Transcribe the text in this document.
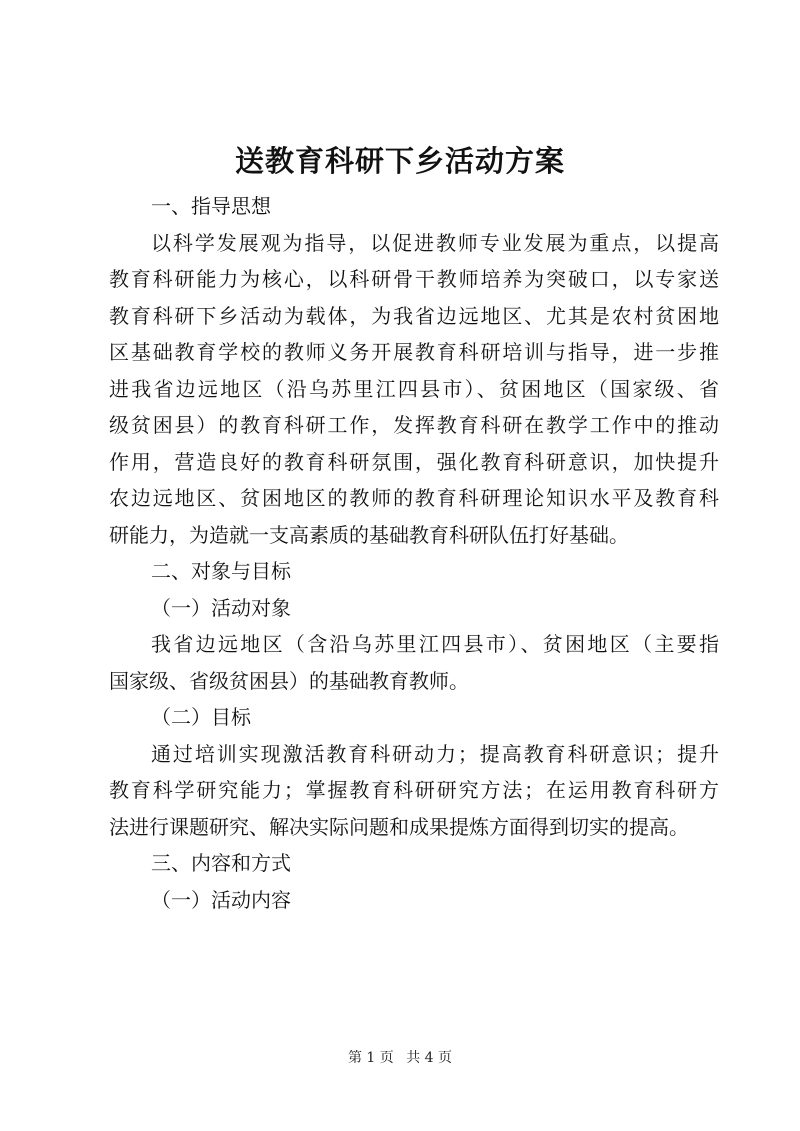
送教育科研下乡活动方案
一、指导思想
以科学发展观为指导，以促进教师专业发展为重点，以提高
教育科研能力为核心，以科研骨干教师培养为突破口，以专家送
教育科研下乡活动为载体，为我省边远地区、尤其是农村贫困地
区基础教育学校的教师义务开展教育科研培训与指导，进一步推
进我省边远地区（沿乌苏里江四县市）、贫困地区（国家级、省
级贫困县）的教育科研工作，发挥教育科研在教学工作中的推动
作用，营造良好的教育科研氛围，强化教育科研意识，加快提升
农边远地区、贫困地区的教师的教育科研理论知识水平及教育科
研能力，为造就一支高素质的基础教育科研队伍打好基础。
二、对象与目标
（一）活动对象
我省边远地区（含沿乌苏里江四县市）、贫困地区（主要指
国家级、省级贫困县）的基础教育教师。
（二）目标
通过培训实现激活教育科研动力；提高教育科研意识；提升
教育科学研究能力；掌握教育科研研究方法；在运用教育科研方
法进行课题研究、解决实际问题和成果提炼方面得到切实的提高。
三、内容和方式
（一）活动内容
第 1 页 共 4 页
